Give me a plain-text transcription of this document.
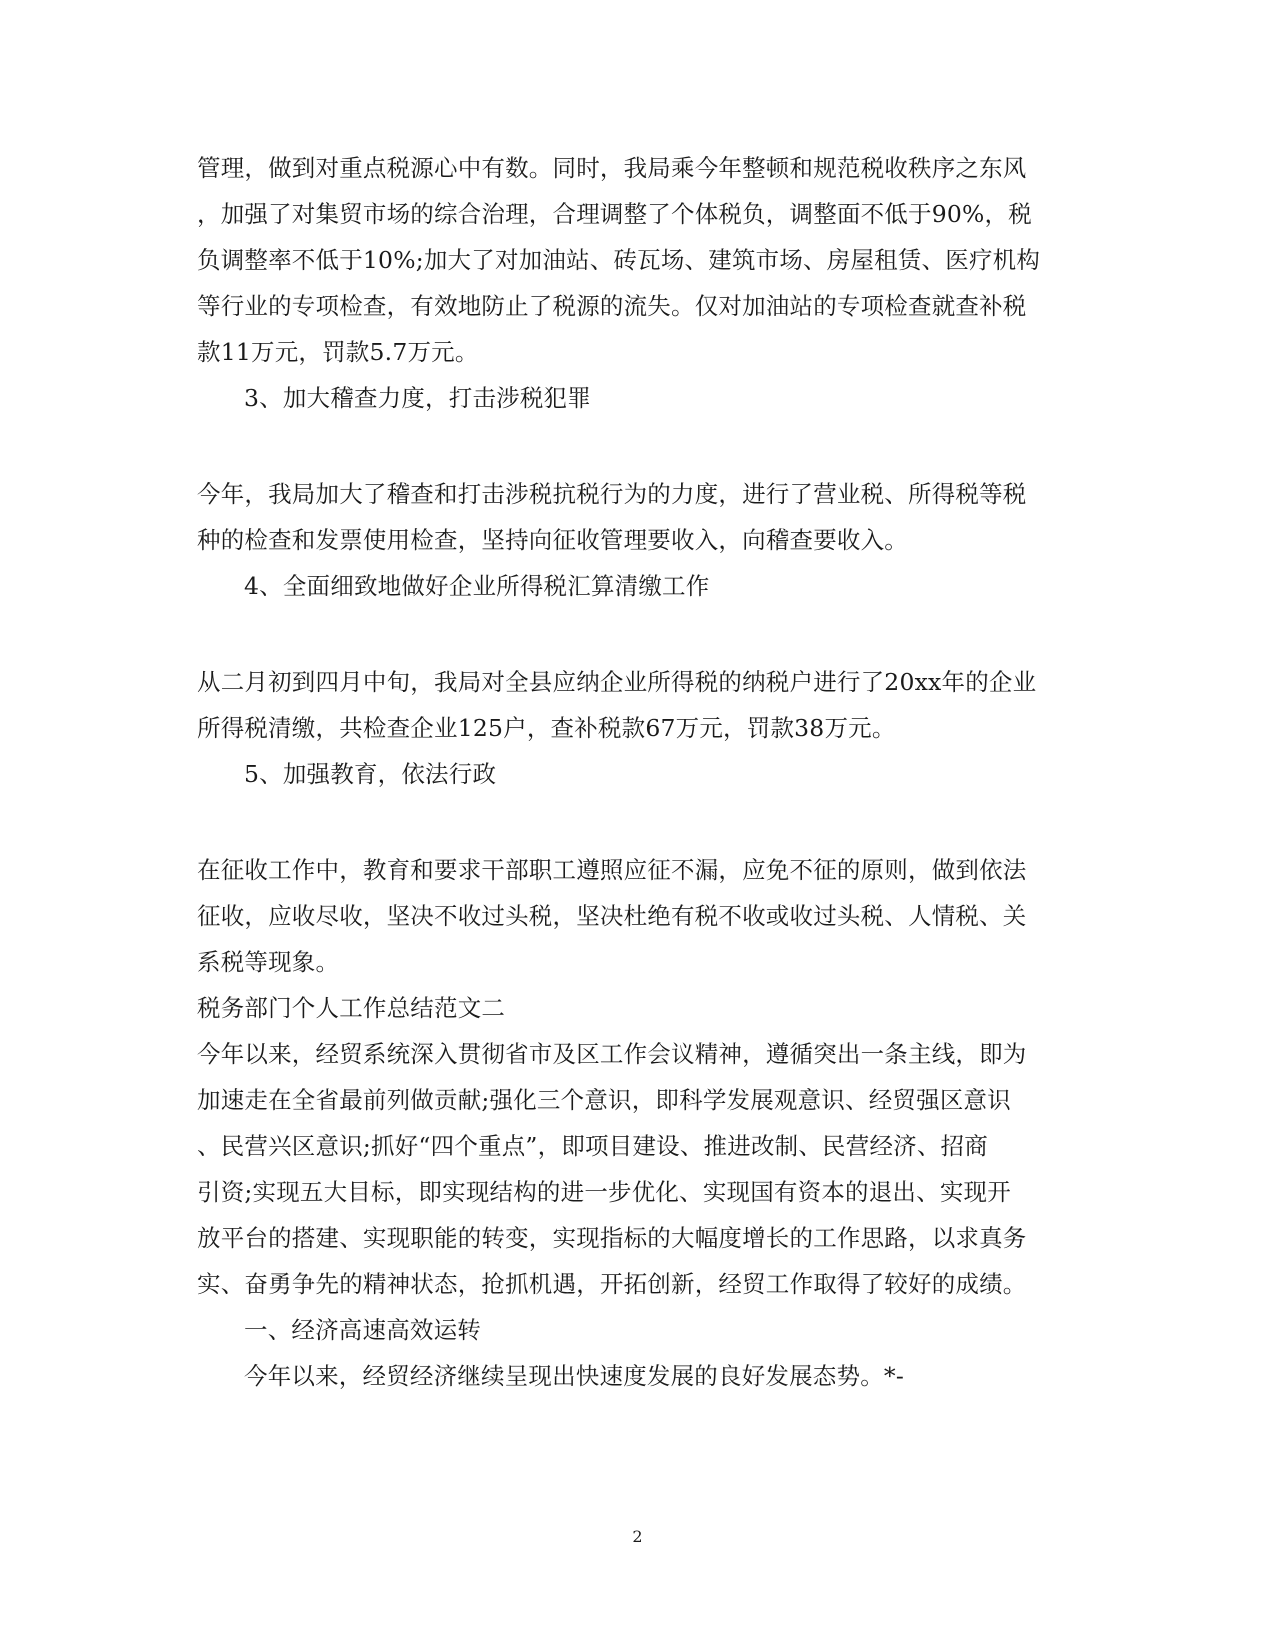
管理，做到对重点税源心中有数。同时，我局乘今年整顿和规范税收秩序之东风
，加强了对集贸市场的综合治理，合理调整了个体税负，调整面不低于90%，税
负调整率不低于10%;加大了对加油站、砖瓦场、建筑市场、房屋租赁、医疗机构
等行业的专项检查，有效地防止了税源的流失。仅对加油站的专项检查就查补税
款11万元，罚款5.7万元。
3、加大稽查力度，打击涉税犯罪
今年，我局加大了稽查和打击涉税抗税行为的力度，进行了营业税、所得税等税
种的检查和发票使用检查，坚持向征收管理要收入，向稽查要收入。
4、全面细致地做好企业所得税汇算清缴工作
从二月初到四月中旬，我局对全县应纳企业所得税的纳税户进行了20xx年的企业
所得税清缴，共检查企业125户，查补税款67万元，罚款38万元。
5、加强教育，依法行政
在征收工作中，教育和要求干部职工遵照应征不漏，应免不征的原则，做到依法
征收，应收尽收，坚决不收过头税，坚决杜绝有税不收或收过头税、人情税、关
系税等现象。
税务部门个人工作总结范文二
今年以来，经贸系统深入贯彻省市及区工作会议精神，遵循突出一条主线，即为
加速走在全省最前列做贡献;强化三个意识，即科学发展观意识、经贸强区意识
、民营兴区意识;抓好“四个重点”，即项目建设、推进改制、民营经济、招商
引资;实现五大目标，即实现结构的进一步优化、实现国有资本的退出、实现开
放平台的搭建、实现职能的转变，实现指标的大幅度增长的工作思路，以求真务
实、奋勇争先的精神状态，抢抓机遇，开拓创新，经贸工作取得了较好的成绩。
一、经济高速高效运转
今年以来，经贸经济继续呈现出快速度发展的良好发展态势。*-
2
